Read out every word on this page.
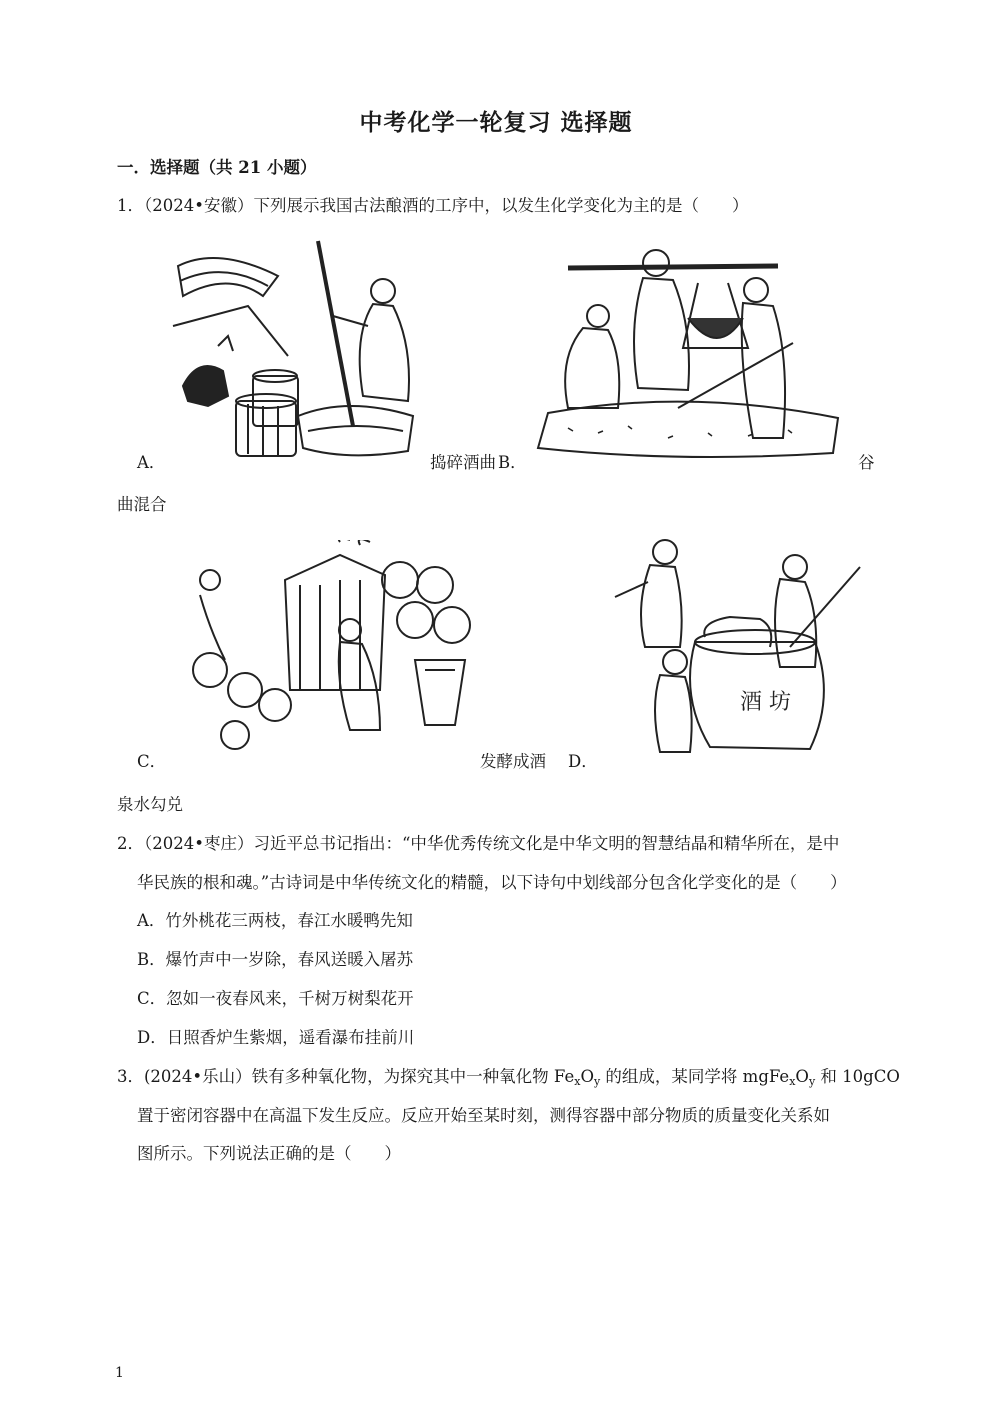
中考化学一轮复习 选择题
一．选择题（共 21 小题）
1．（2024•安徽）下列展示我国古法酿酒的工序中，以发生化学变化为主的是（　　）
A．	捣碎酒曲 B．	谷
曲混合
C．	发酵成酒
酒 坊
D．
泉水勾兑
2．（2024•枣庄）习近平总书记指出：“中华优秀传统文化是中华文明的智慧结晶和精华所在，是中
华民族的根和魂。”古诗词是中华传统文化的精髓，以下诗句中划线部分包含化学变化的是（　　）
A．竹外桃花三两枝，春江水暖鸭先知
B．爆竹声中一岁除，春风送暖入屠苏
C．忽如一夜春风来，千树万树梨花开
D．日照香炉生紫烟，遥看瀑布挂前川
3．(2024•乐山）铁有多种氧化物，为探究其中一种氧化物 $Fe_xO_y$ 的组成，某同学将 $mgFe_xO_y$ 和 10gCO
置于密闭容器中在高温下发生反应。反应开始至某时刻，测得容器中部分物质的质量变化关系如
图所示。下列说法正确的是（　　）
1
